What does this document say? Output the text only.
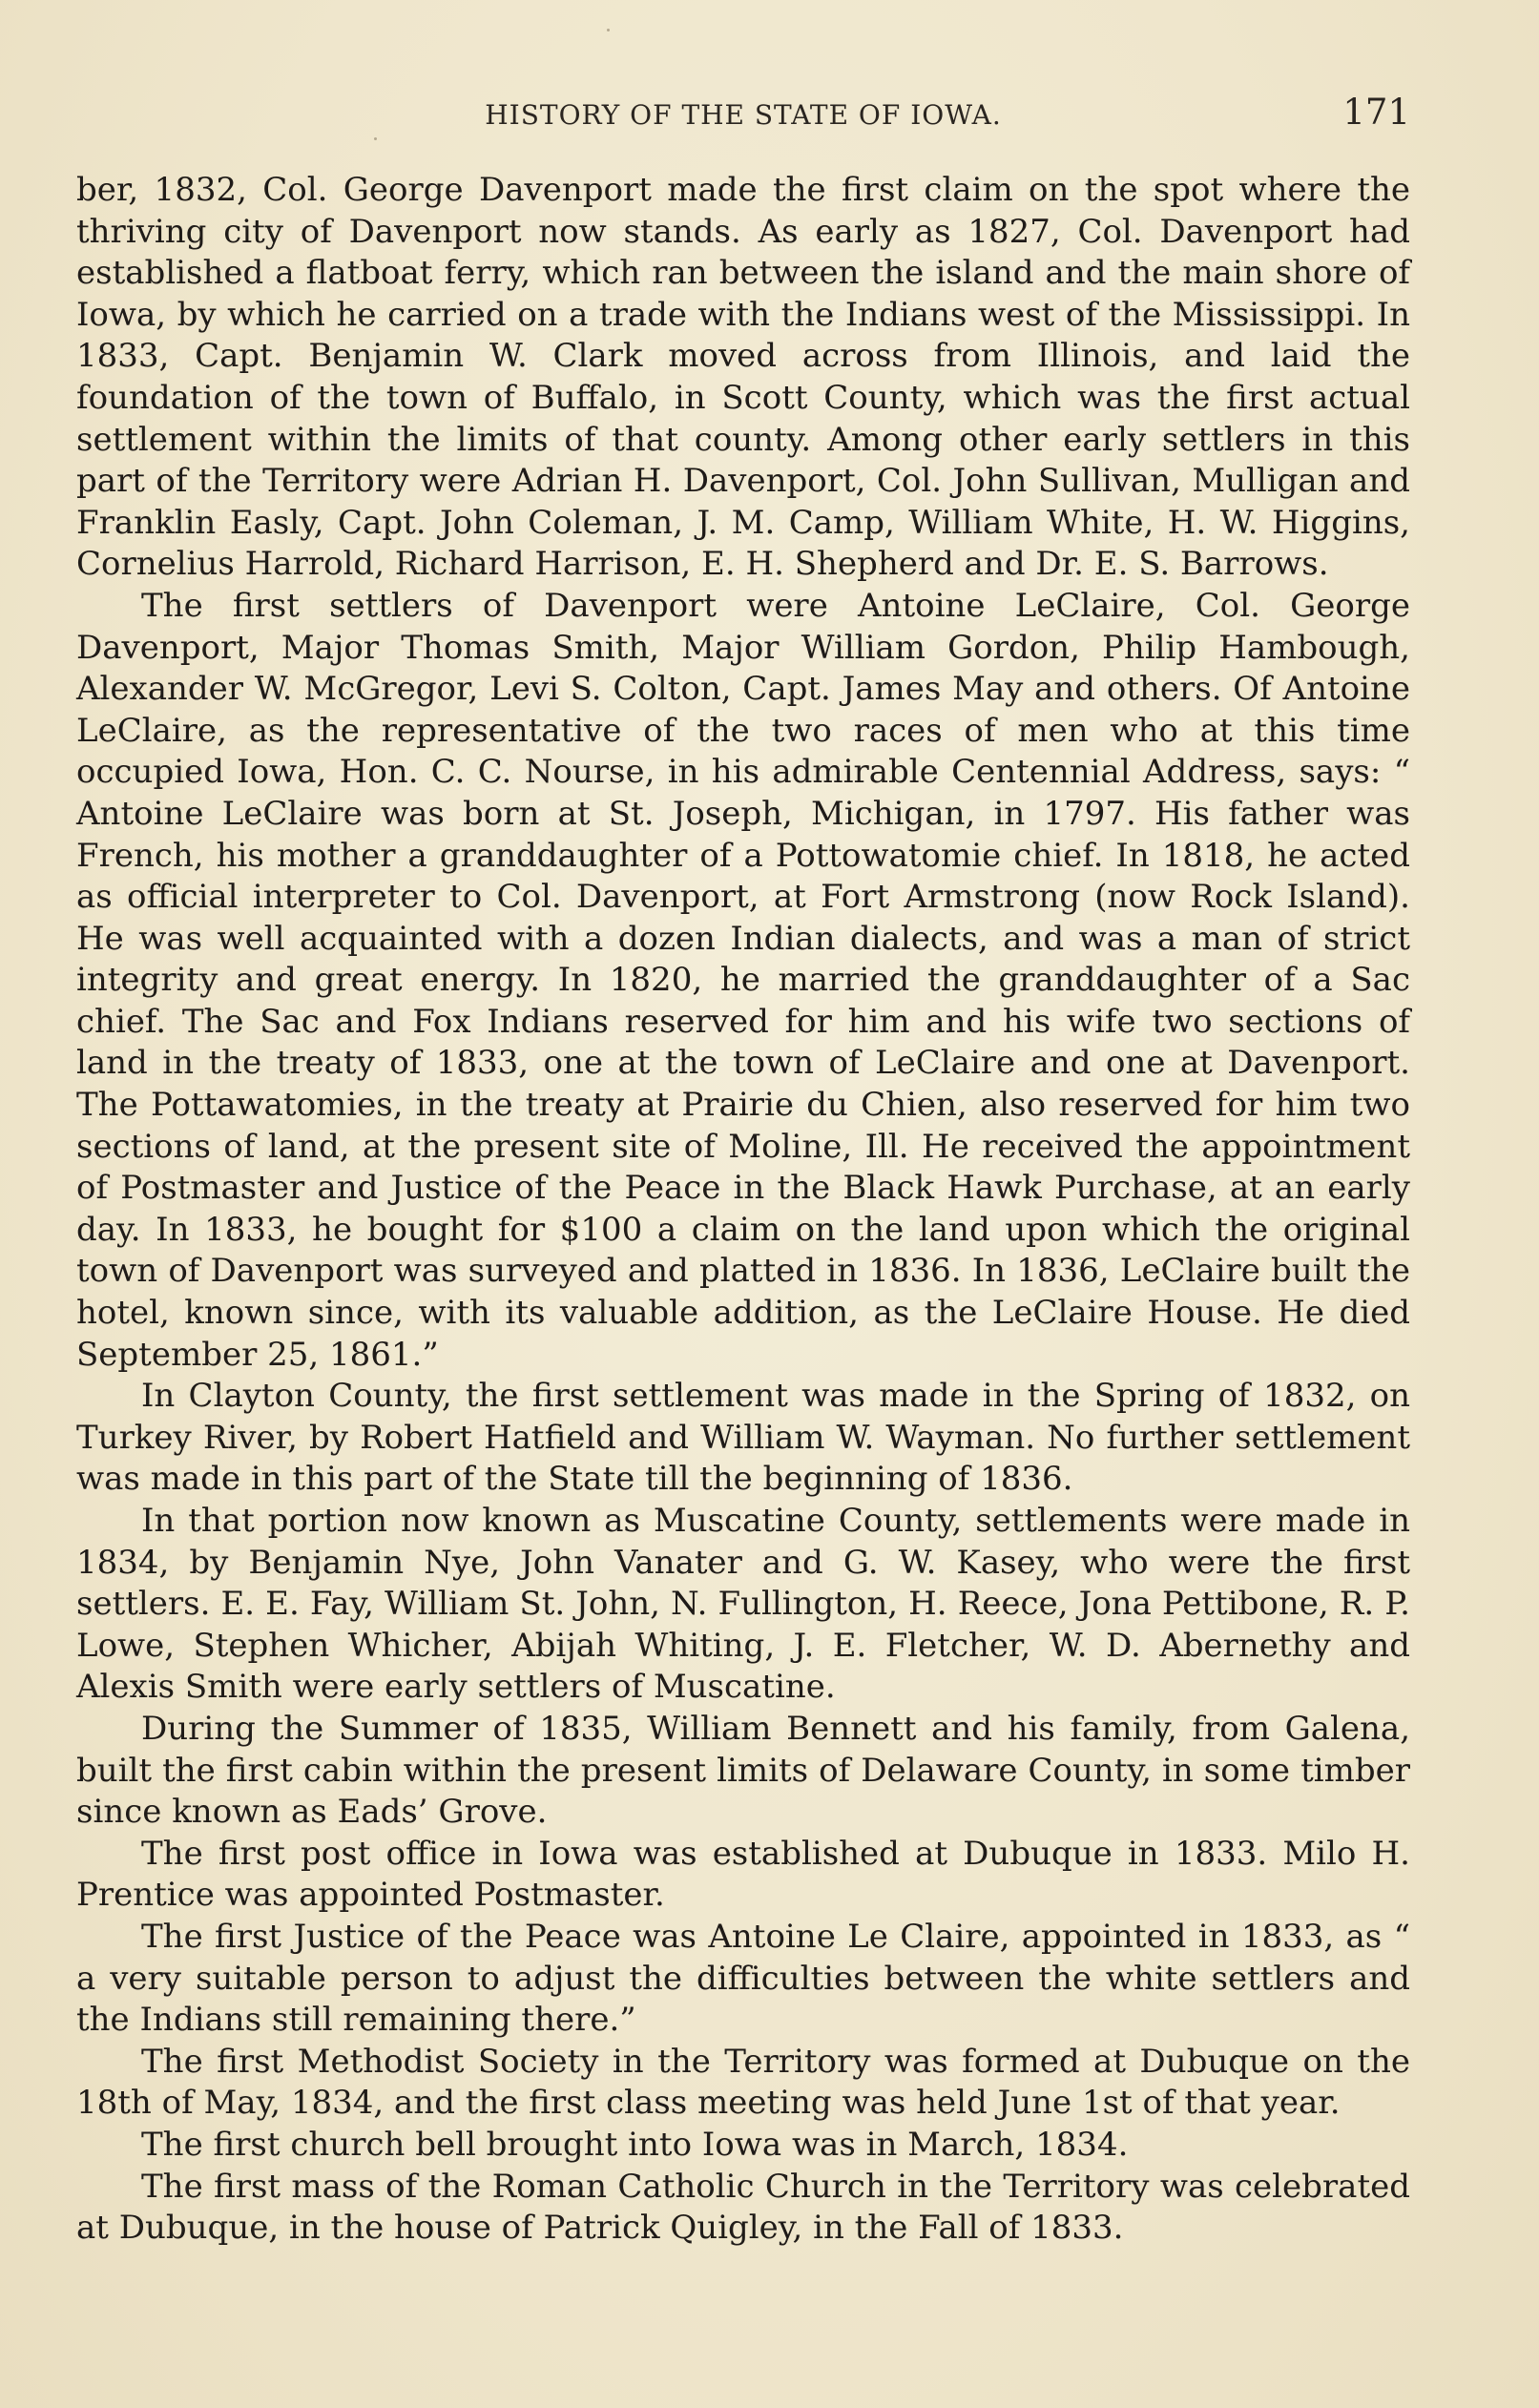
HISTORY OF THE STATE OF IOWA.	171

ber, 1832, Col. George Davenport made the first claim on the spot where the thriving city of Davenport now stands. As early as 1827, Col. Davenport had established a flatboat ferry, which ran between the island and the main shore of Iowa, by which he carried on a trade with the Indians west of the Mississippi. In 1833, Capt. Benjamin W. Clark moved across from Illinois, and laid the foundation of the town of Buffalo, in Scott County, which was the first actual settlement within the limits of that county. Among other early settlers in this part of the Territory were Adrian H. Davenport, Col. John Sullivan, Mulligan and Franklin Easly, Capt. John Coleman, J. M. Camp, William White, H. W. Higgins, Cornelius Harrold, Richard Harrison, E. H. Shepherd and Dr. E. S. Barrows.

The first settlers of Davenport were Antoine LeClaire, Col. George Davenport, Major Thomas Smith, Major William Gordon, Philip Hambough, Alexander W. McGregor, Levi S. Colton, Capt. James May and others. Of Antoine LeClaire, as the representative of the two races of men who at this time occupied Iowa, Hon. C. C. Nourse, in his admirable Centennial Address, says: “ Antoine LeClaire was born at St. Joseph, Michigan, in 1797. His father was French, his mother a granddaughter of a Pottowatomie chief. In 1818, he acted as official interpreter to Col. Davenport, at Fort Armstrong (now Rock Island). He was well acquainted with a dozen Indian dialects, and was a man of strict integrity and great energy. In 1820, he married the granddaughter of a Sac chief. The Sac and Fox Indians reserved for him and his wife two sections of land in the treaty of 1833, one at the town of LeClaire and one at Davenport. The Pottawatomies, in the treaty at Prairie du Chien, also reserved for him two sections of land, at the present site of Moline, Ill. He received the appointment of Postmaster and Justice of the Peace in the Black Hawk Purchase, at an early day. In 1833, he bought for $100 a claim on the land upon which the original town of Davenport was surveyed and platted in 1836. In 1836, LeClaire built the hotel, known since, with its valuable addition, as the LeClaire House. He died September 25, 1861.”

In Clayton County, the first settlement was made in the Spring of 1832, on Turkey River, by Robert Hatfield and William W. Wayman. No further settlement was made in this part of the State till the beginning of 1836.

In that portion now known as Muscatine County, settlements were made in 1834, by Benjamin Nye, John Vanater and G. W. Kasey, who were the first settlers. E. E. Fay, William St. John, N. Fullington, H. Reece, Jona Pettibone, R. P. Lowe, Stephen Whicher, Abijah Whiting, J. E. Fletcher, W. D. Abernethy and Alexis Smith were early settlers of Muscatine.

During the Summer of 1835, William Bennett and his family, from Galena, built the first cabin within the present limits of Delaware County, in some timber since known as Eads’ Grove.

The first post office in Iowa was established at Dubuque in 1833. Milo H. Prentice was appointed Postmaster.

The first Justice of the Peace was Antoine Le Claire, appointed in 1833, as “ a very suitable person to adjust the difficulties between the white settlers and the Indians still remaining there.”

The first Methodist Society in the Territory was formed at Dubuque on the 18th of May, 1834, and the first class meeting was held June 1st of that year.

The first church bell brought into Iowa was in March, 1834.

The first mass of the Roman Catholic Church in the Territory was celebrated at Dubuque, in the house of Patrick Quigley, in the Fall of 1833.
